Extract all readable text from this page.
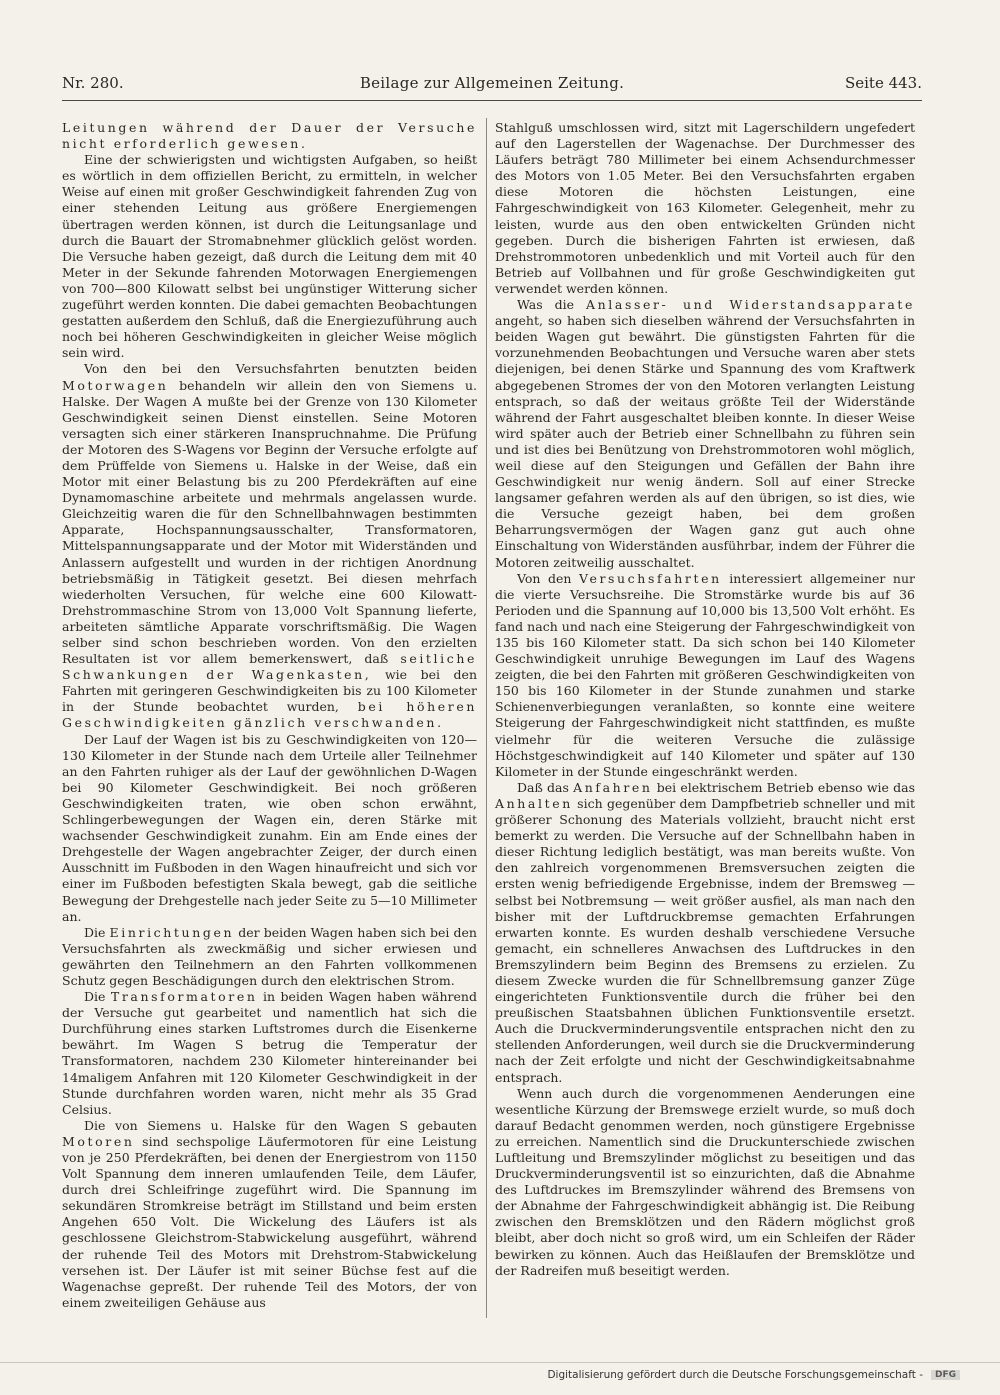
Nr. 280.	Beilage zur Allgemeinen Zeitung.	Seite 443.

Leitungen während der Dauer der Versuche nicht erforderlich gewesen.

Eine der schwierigsten und wichtigsten Aufgaben, so heißt es wörtlich in dem offiziellen Bericht, zu ermitteln, in welcher Weise auf einen mit großer Geschwindigkeit fahrenden Zug von einer stehenden Leitung aus größere Energiemengen übertragen werden können, ist durch die Leitungsanlage und durch die Bauart der Stromabnehmer glücklich gelöst worden. Die Versuche haben gezeigt, daß durch die Leitung dem mit 40 Meter in der Sekunde fahrenden Motorwagen Energiemengen von 700—800 Kilowatt selbst bei ungünstiger Witterung sicher zugeführt werden konnten. Die dabei gemachten Beobachtungen gestatten außerdem den Schluß, daß die Energiezuführung auch noch bei höheren Geschwindigkeiten in gleicher Weise möglich sein wird.

Von den bei den Versuchsfahrten benutzten beiden Motorwagen behandeln wir allein den von Siemens u. Halske. Der Wagen A mußte bei der Grenze von 130 Kilometer Geschwindigkeit seinen Dienst einstellen. Seine Motoren versagten sich einer stärkeren Inanspruchnahme. Die Prüfung der Motoren des S-Wagens vor Beginn der Versuche erfolgte auf dem Prüffelde von Siemens u. Halske in der Weise, daß ein Motor mit einer Belastung bis zu 200 Pferdekräften auf eine Dynamomaschine arbeitete und mehrmals angelassen wurde. Gleichzeitig waren die für den Schnellbahnwagen bestimmten Apparate, Hochspannungsausschalter, Transformatoren, Mittelspannungsapparate und der Motor mit Widerständen und Anlassern aufgestellt und wurden in der richtigen Anordnung betriebsmäßig in Tätigkeit gesetzt. Bei diesen mehrfach wiederholten Versuchen, für welche eine 600 Kilowatt-Drehstrommaschine Strom von 13,000 Volt Spannung lieferte, arbeiteten sämtliche Apparate vorschriftsmäßig. Die Wagen selber sind schon beschrieben worden. Von den erzielten Resultaten ist vor allem bemerkenswert, daß seitliche Schwankungen der Wagenkasten, wie bei den Fahrten mit geringeren Geschwindigkeiten bis zu 100 Kilometer in der Stunde beobachtet wurden, bei höheren Geschwindigkeiten gänzlich verschwanden.

Der Lauf der Wagen ist bis zu Geschwindigkeiten von 120—130 Kilometer in der Stunde nach dem Urteile aller Teilnehmer an den Fahrten ruhiger als der Lauf der gewöhnlichen D-Wagen bei 90 Kilometer Geschwindigkeit. Bei noch größeren Geschwindigkeiten traten, wie oben schon erwähnt, Schlingerbewegungen der Wagen ein, deren Stärke mit wachsender Geschwindigkeit zunahm. Ein am Ende eines der Drehgestelle der Wagen angebrachter Zeiger, der durch einen Ausschnitt im Fußboden in den Wagen hinaufreicht und sich vor einer im Fußboden befestigten Skala bewegt, gab die seitliche Bewegung der Drehgestelle nach jeder Seite zu 5—10 Millimeter an.

Die Einrichtungen der beiden Wagen haben sich bei den Versuchsfahrten als zweckmäßig und sicher erwiesen und gewährten den Teilnehmern an den Fahrten vollkommenen Schutz gegen Beschädigungen durch den elektrischen Strom.

Die Transformatoren in beiden Wagen haben während der Versuche gut gearbeitet und namentlich hat sich die Durchführung eines starken Luftstromes durch die Eisenkerne bewährt. Im Wagen S betrug die Temperatur der Transformatoren, nachdem 230 Kilometer hintereinander bei 14maligem Anfahren mit 120 Kilometer Geschwindigkeit in der Stunde durchfahren worden waren, nicht mehr als 35 Grad Celsius.

Die von Siemens u. Halske für den Wagen S gebauten Motoren sind sechspolige Läufermotoren für eine Leistung von je 250 Pferdekräften, bei denen der Energiestrom von 1150 Volt Spannung dem inneren umlaufenden Teile, dem Läufer, durch drei Schleifringe zugeführt wird. Die Spannung im sekundären Stromkreise beträgt im Stillstand und beim ersten Angehen 650 Volt. Die Wickelung des Läufers ist als geschlossene Gleichstrom-Stabwickelung ausgeführt, während der ruhende Teil des Motors mit Drehstrom-Stabwickelung versehen ist. Der Läufer ist mit seiner Büchse fest auf die Wagenachse gepreßt. Der ruhende Teil des Motors, der von einem zweiteiligen Gehäuse aus

Stahlguß umschlossen wird, sitzt mit Lagerschildern ungefedert auf den Lagerstellen der Wagenachse. Der Durchmesser des Läufers beträgt 780 Millimeter bei einem Achsendurchmesser des Motors von 1.05 Meter. Bei den Versuchsfahrten ergaben diese Motoren die höchsten Leistungen, eine Fahrgeschwindigkeit von 163 Kilometer. Gelegenheit, mehr zu leisten, wurde aus den oben entwickelten Gründen nicht gegeben. Durch die bisherigen Fahrten ist erwiesen, daß Drehstrommotoren unbedenklich und mit Vorteil auch für den Betrieb auf Vollbahnen und für große Geschwindigkeiten gut verwendet werden können.

Was die Anlasser- und Widerstandsapparate angeht, so haben sich dieselben während der Versuchsfahrten in beiden Wagen gut bewährt. Die günstigsten Fahrten für die vorzunehmenden Beobachtungen und Versuche waren aber stets diejenigen, bei denen Stärke und Spannung des vom Kraftwerk abgegebenen Stromes der von den Motoren verlangten Leistung entsprach, so daß der weitaus größte Teil der Widerstände während der Fahrt ausgeschaltet bleiben konnte. In dieser Weise wird später auch der Betrieb einer Schnellbahn zu führen sein und ist dies bei Benützung von Drehstrommotoren wohl möglich, weil diese auf den Steigungen und Gefällen der Bahn ihre Geschwindigkeit nur wenig ändern. Soll auf einer Strecke langsamer gefahren werden als auf den übrigen, so ist dies, wie die Versuche gezeigt haben, bei dem großen Beharrungsvermögen der Wagen ganz gut auch ohne Einschaltung von Widerständen ausführbar, indem der Führer die Motoren zeitweilig ausschaltet.

Von den Versuchsfahrten interessiert allgemeiner nur die vierte Versuchsreihe. Die Stromstärke wurde bis auf 36 Perioden und die Spannung auf 10,000 bis 13,500 Volt erhöht. Es fand nach und nach eine Steigerung der Fahrgeschwindigkeit von 135 bis 160 Kilometer statt. Da sich schon bei 140 Kilometer Geschwindigkeit unruhige Bewegungen im Lauf des Wagens zeigten, die bei den Fahrten mit größeren Geschwindigkeiten von 150 bis 160 Kilometer in der Stunde zunahmen und starke Schienenverbiegungen veranlaßten, so konnte eine weitere Steigerung der Fahrgeschwindigkeit nicht stattfinden, es mußte vielmehr für die weiteren Versuche die zulässige Höchstgeschwindigkeit auf 140 Kilometer und später auf 130 Kilometer in der Stunde eingeschränkt werden.

Daß das Anfahren bei elektrischem Betrieb ebenso wie das Anhalten sich gegenüber dem Dampfbetrieb schneller und mit größerer Schonung des Materials vollzieht, braucht nicht erst bemerkt zu werden. Die Versuche auf der Schnellbahn haben in dieser Richtung lediglich bestätigt, was man bereits wußte. Von den zahlreich vorgenommenen Bremsversuchen zeigten die ersten wenig befriedigende Ergebnisse, indem der Bremsweg — selbst bei Notbremsung — weit größer ausfiel, als man nach den bisher mit der Luftdruckbremse gemachten Erfahrungen erwarten konnte. Es wurden deshalb verschiedene Versuche gemacht, ein schnelleres Anwachsen des Luftdruckes in den Bremszylindern beim Beginn des Bremsens zu erzielen. Zu diesem Zwecke wurden die für Schnellbremsung ganzer Züge eingerichteten Funktionsventile durch die früher bei den preußischen Staatsbahnen üblichen Funktionsventile ersetzt. Auch die Druckverminderungsventile entsprachen nicht den zu stellenden Anforderungen, weil durch sie die Druckverminderung nach der Zeit erfolgte und nicht der Geschwindigkeitsabnahme entsprach.

Wenn auch durch die vorgenommenen Aenderungen eine wesentliche Kürzung der Bremswege erzielt wurde, so muß doch darauf Bedacht genommen werden, noch günstigere Ergebnisse zu erreichen. Namentlich sind die Druckunterschiede zwischen Luftleitung und Bremszylinder möglichst zu beseitigen und das Druckverminderungsventil ist so einzurichten, daß die Abnahme des Luftdruckes im Bremszylinder während des Bremsens von der Abnahme der Fahrgeschwindigkeit abhängig ist. Die Reibung zwischen den Bremsklötzen und den Rädern möglichst groß bleibt, aber doch nicht so groß wird, um ein Schleifen der Räder bewirken zu können. Auch das Heißlaufen der Bremsklötze und der Radreifen muß beseitigt werden.

Digitalisierung gefördert durch die Deutsche Forschungsgemeinschaft - DFG
